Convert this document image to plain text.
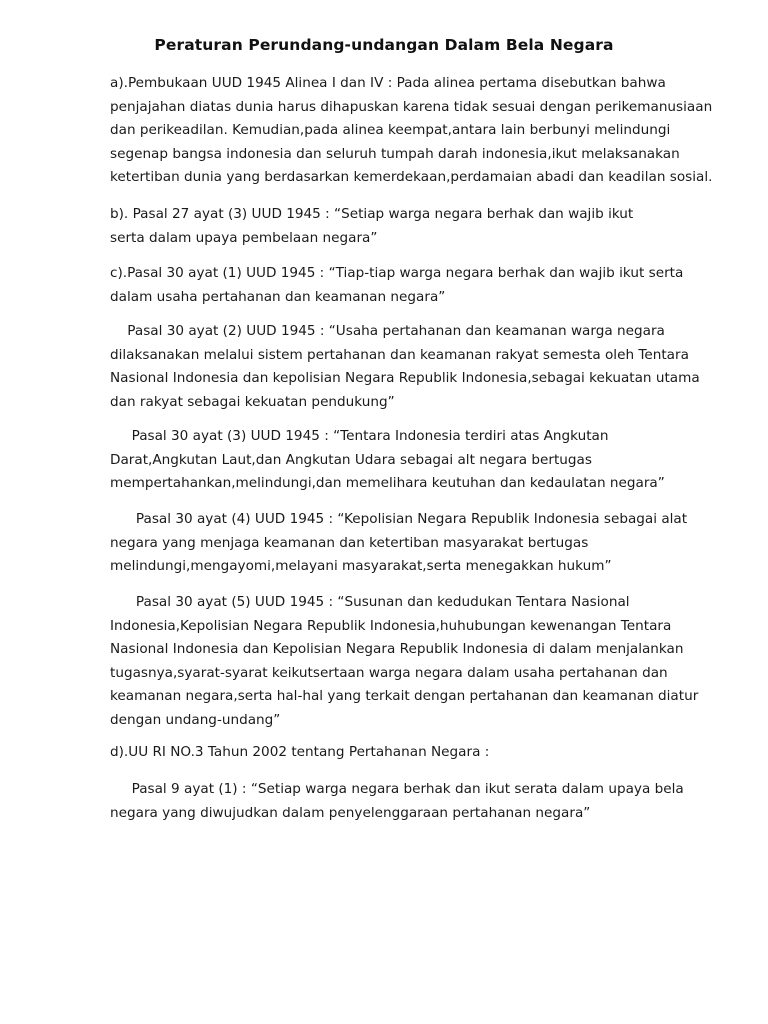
Peraturan Perundang-undangan Dalam Bela Negara
a).Pembukaan UUD 1945 Alinea I dan IV : Pada alinea pertama disebutkan bahwa
penjajahan diatas dunia harus dihapuskan karena tidak sesuai dengan perikemanusiaan
dan perikeadilan. Kemudian,pada alinea keempat,antara lain berbunyi melindungi
segenap bangsa indonesia dan seluruh tumpah darah indonesia,ikut melaksanakan
ketertiban dunia yang berdasarkan kemerdekaan,perdamaian abadi dan keadilan sosial.
b). Pasal 27 ayat (3) UUD 1945 : “Setiap warga negara berhak dan wajib ikut
serta dalam upaya pembelaan negara”
c).Pasal 30 ayat (1) UUD 1945 : “Tiap-tiap warga negara berhak dan wajib ikut serta
dalam usaha pertahanan dan keamanan negara”
Pasal 30 ayat (2) UUD 1945 : “Usaha pertahanan dan keamanan warga negara
dilaksanakan melalui sistem pertahanan dan keamanan rakyat semesta oleh Tentara
Nasional Indonesia dan kepolisian Negara Republik Indonesia,sebagai kekuatan utama
dan rakyat sebagai kekuatan pendukung”
Pasal 30 ayat (3) UUD 1945 : “Tentara Indonesia terdiri atas Angkutan
Darat,Angkutan Laut,dan Angkutan Udara sebagai alt negara bertugas
mempertahankan,melindungi,dan memelihara keutuhan dan kedaulatan negara”
Pasal 30 ayat (4) UUD 1945 : “Kepolisian Negara Republik Indonesia sebagai alat
negara yang menjaga keamanan dan ketertiban masyarakat bertugas
melindungi,mengayomi,melayani masyarakat,serta menegakkan hukum”
Pasal 30 ayat (5) UUD 1945 : “Susunan dan kedudukan Tentara Nasional
Indonesia,Kepolisian Negara Republik Indonesia,huhubungan kewenangan Tentara
Nasional Indonesia dan Kepolisian Negara Republik Indonesia di dalam menjalankan
tugasnya,syarat-syarat keikutsertaan warga negara dalam usaha pertahanan dan
keamanan negara,serta hal-hal yang terkait dengan pertahanan dan keamanan diatur
dengan undang-undang”
d).UU RI NO.3 Tahun 2002 tentang Pertahanan Negara :
Pasal 9 ayat (1) : “Setiap warga negara berhak dan ikut serata dalam upaya bela
negara yang diwujudkan dalam penyelenggaraan pertahanan negara”
